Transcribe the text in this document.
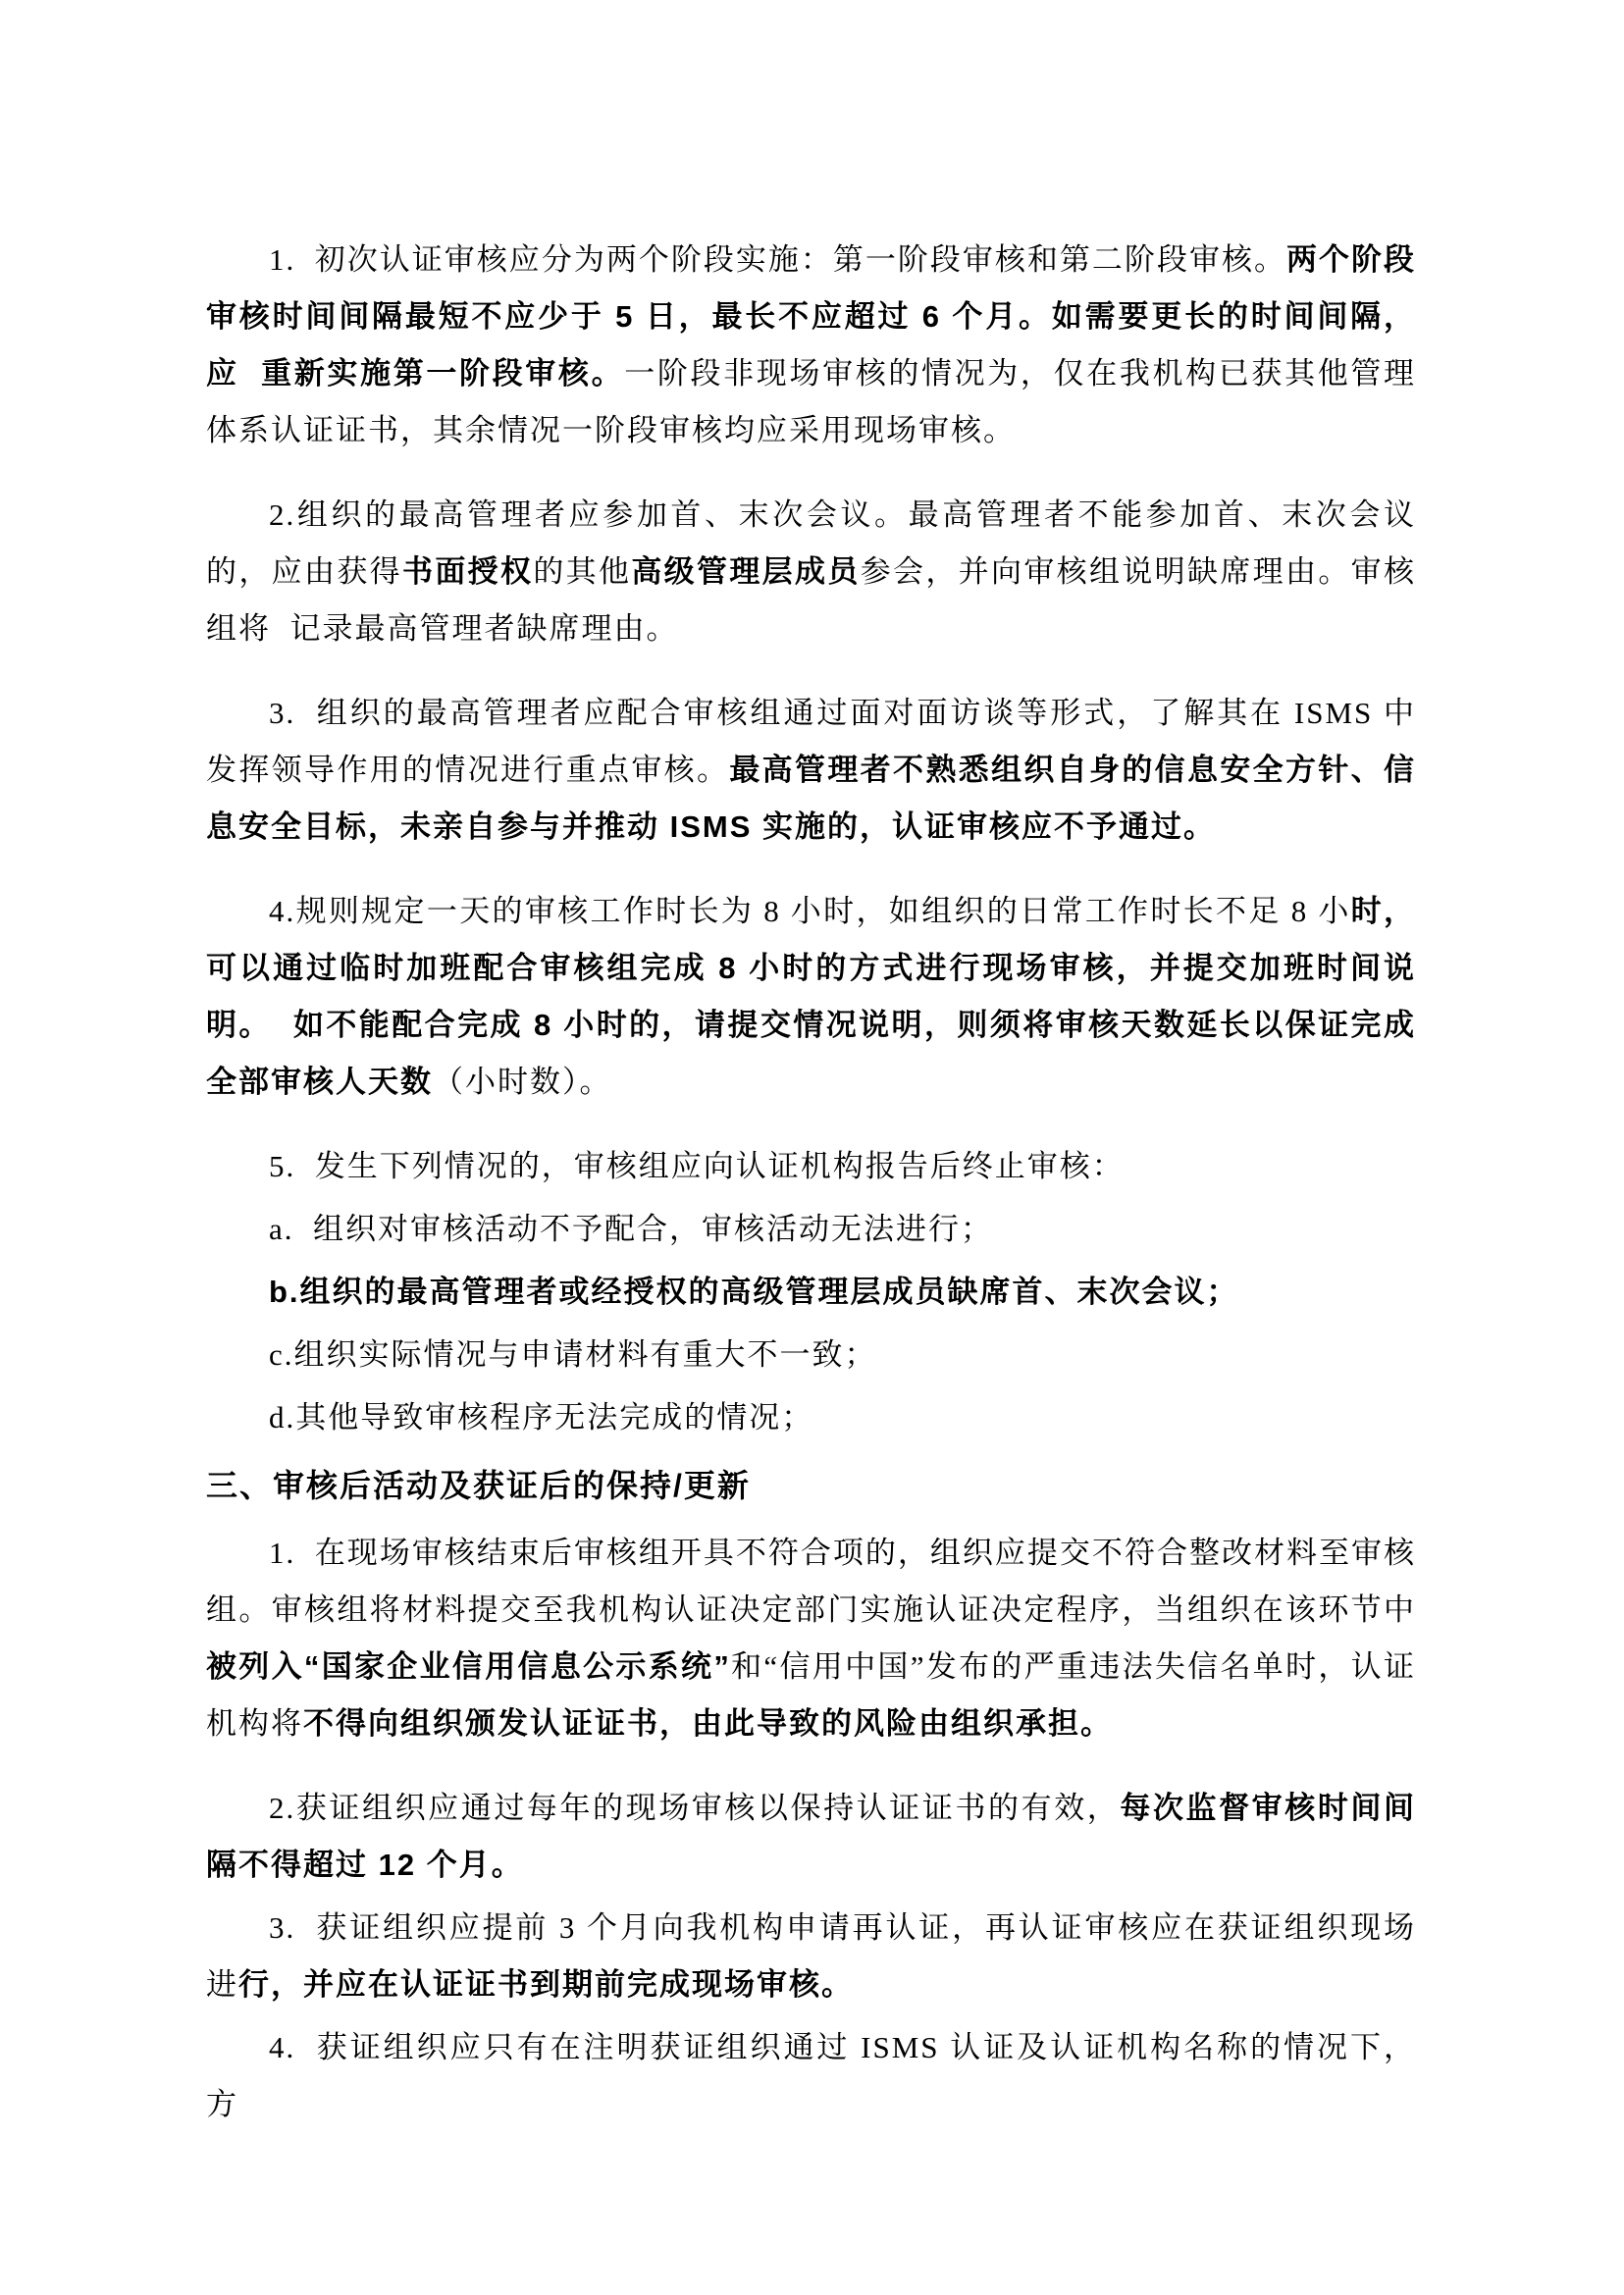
1.  初次认证审核应分为两个阶段实施：第一阶段审核和第二阶段审核。两个阶段审核时间间隔最短不应少于 5 日，最长不应超过 6 个月。如需要更长的时间间隔，应  重新实施第一阶段审核。一阶段非现场审核的情况为，仅在我机构已获其他管理体系认证证书，其余情况一阶段审核均应采用现场审核。

2.组织的最高管理者应参加首、末次会议。最高管理者不能参加首、末次会议的，应由获得书面授权的其他高级管理层成员参会，并向审核组说明缺席理由。审核组将  记录最高管理者缺席理由。

3.  组织的最高管理者应配合审核组通过面对面访谈等形式，了解其在 ISMS 中发挥领导作用的情况进行重点审核。最高管理者不熟悉组织自身的信息安全方针、信息安全目标，未亲自参与并推动 ISMS 实施的，认证审核应不予通过。

4.规则规定一天的审核工作时长为 8 小时，如组织的日常工作时长不足 8 小时，可以通过临时加班配合审核组完成 8 小时的方式进行现场审核，并提交加班时间说明。  如不能配合完成 8 小时的，请提交情况说明，则须将审核天数延长以保证完成全部审核人天数（小时数）。

5.  发生下列情况的，审核组应向认证机构报告后终止审核：

a.  组织对审核活动不予配合，审核活动无法进行；

b.组织的最高管理者或经授权的高级管理层成员缺席首、末次会议；

c.组织实际情况与申请材料有重大不一致；

d.其他导致审核程序无法完成的情况；

三、审核后活动及获证后的保持/更新

1.  在现场审核结束后审核组开具不符合项的，组织应提交不符合整改材料至审核组。审核组将材料提交至我机构认证决定部门实施认证决定程序，当组织在该环节中  被列入“国家企业信用信息公示系统”和“信用中国”发布的严重违法失信名单时，认证机构将不得向组织颁发认证证书，由此导致的风险由组织承担。

2.获证组织应通过每年的现场审核以保持认证证书的有效，每次监督审核时间间 隔不得超过 12 个月。

3.  获证组织应提前 3 个月向我机构申请再认证，再认证审核应在获证组织现场进行，并应在认证证书到期前完成现场审核。

4.  获证组织应只有在注明获证组织通过 ISMS 认证及认证机构名称的情况下，方
